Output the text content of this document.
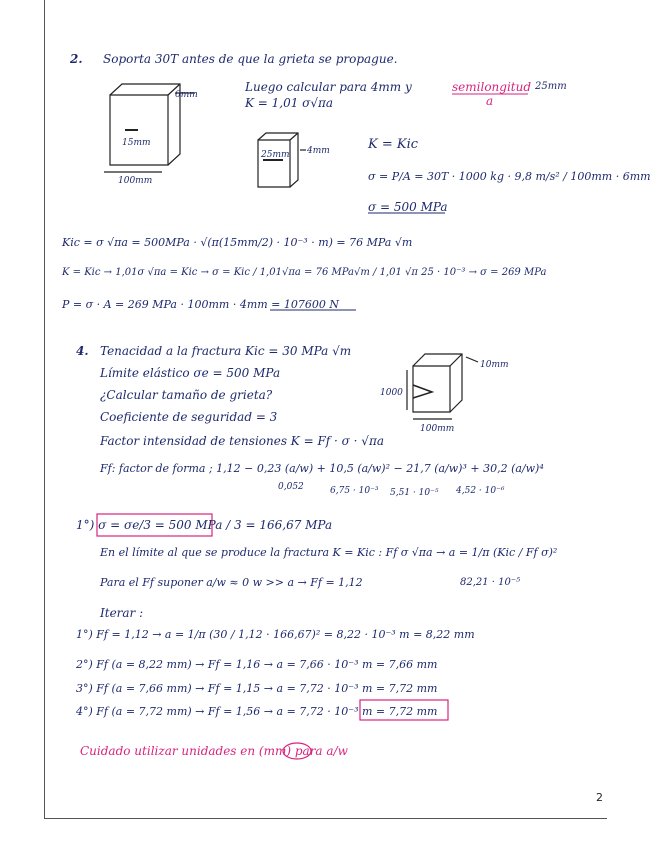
2. Soporta 30T antes de que la grieta se propague.
Luego calcular para 4mm y	semilongitud 25mm
a
K = 1,01 σ√πa
6mm
15mm
100mm
25mm 4mm	K = Kic
σ = P/A = 30T · 1000 kg · 9,8 m/s² / 100mm · 6mm
σ = 500 MPa
Kic = σ √πa = 500MPa · √(π(15mm/2) · 10⁻³ · m) = 76 MPa √m
K = Kic → 1,01σ √πa = Kic → σ = Kic / 1,01√πa = 76 MPa√m / 1,01 √π 25 · 10⁻³ → σ = 269 MPa
P = σ · A = 269 MPa · 100mm · 4mm = 107600 N
4. Tenacidad a la fractura Kic = 30 MPa √m
Límite elástico σe = 500 MPa
¿Calcular tamaño de grieta?
Coeficiente de seguridad = 3
Factor intensidad de tensiones K = Ff · σ · √πa
Ff: factor de forma ; 1,12 − 0,23 (a/w) + 10,5 (a/w)² − 21,7 (a/w)³ + 30,2 (a/w)⁴
0,052	6,75 · 10⁻³ 5,51 · 10⁻⁵ 4,52 · 10⁻⁶
10mm
1000
100mm
1°) σ = σe/3 = 500 MPa / 3 = 166,67 MPa
En el límite al que se produce la fractura K = Kic : Ff σ √πa → a = 1/π (Kic / Ff σ)²
Para el Ff suponer a/w ≈ 0 w >> a → Ff = 1,12	82,21 · 10⁻⁵
Iterar :
1°) Ff = 1,12 → a = 1/π (30 / 1,12 · 166,67)² = 8,22 · 10⁻³ m = 8,22 mm
2°) Ff (a = 8,22 mm) → Ff = 1,16 → a = 7,66 · 10⁻³ m = 7,66 mm
3°) Ff (a = 7,66 mm) → Ff = 1,15 → a = 7,72 · 10⁻³ m = 7,72 mm
4°) Ff (a = 7,72 mm) → Ff = 1,56 → a = 7,72 · 10⁻³ m = 7,72 mm
Cuidado utilizar unidades en (mm) para a/w
2
